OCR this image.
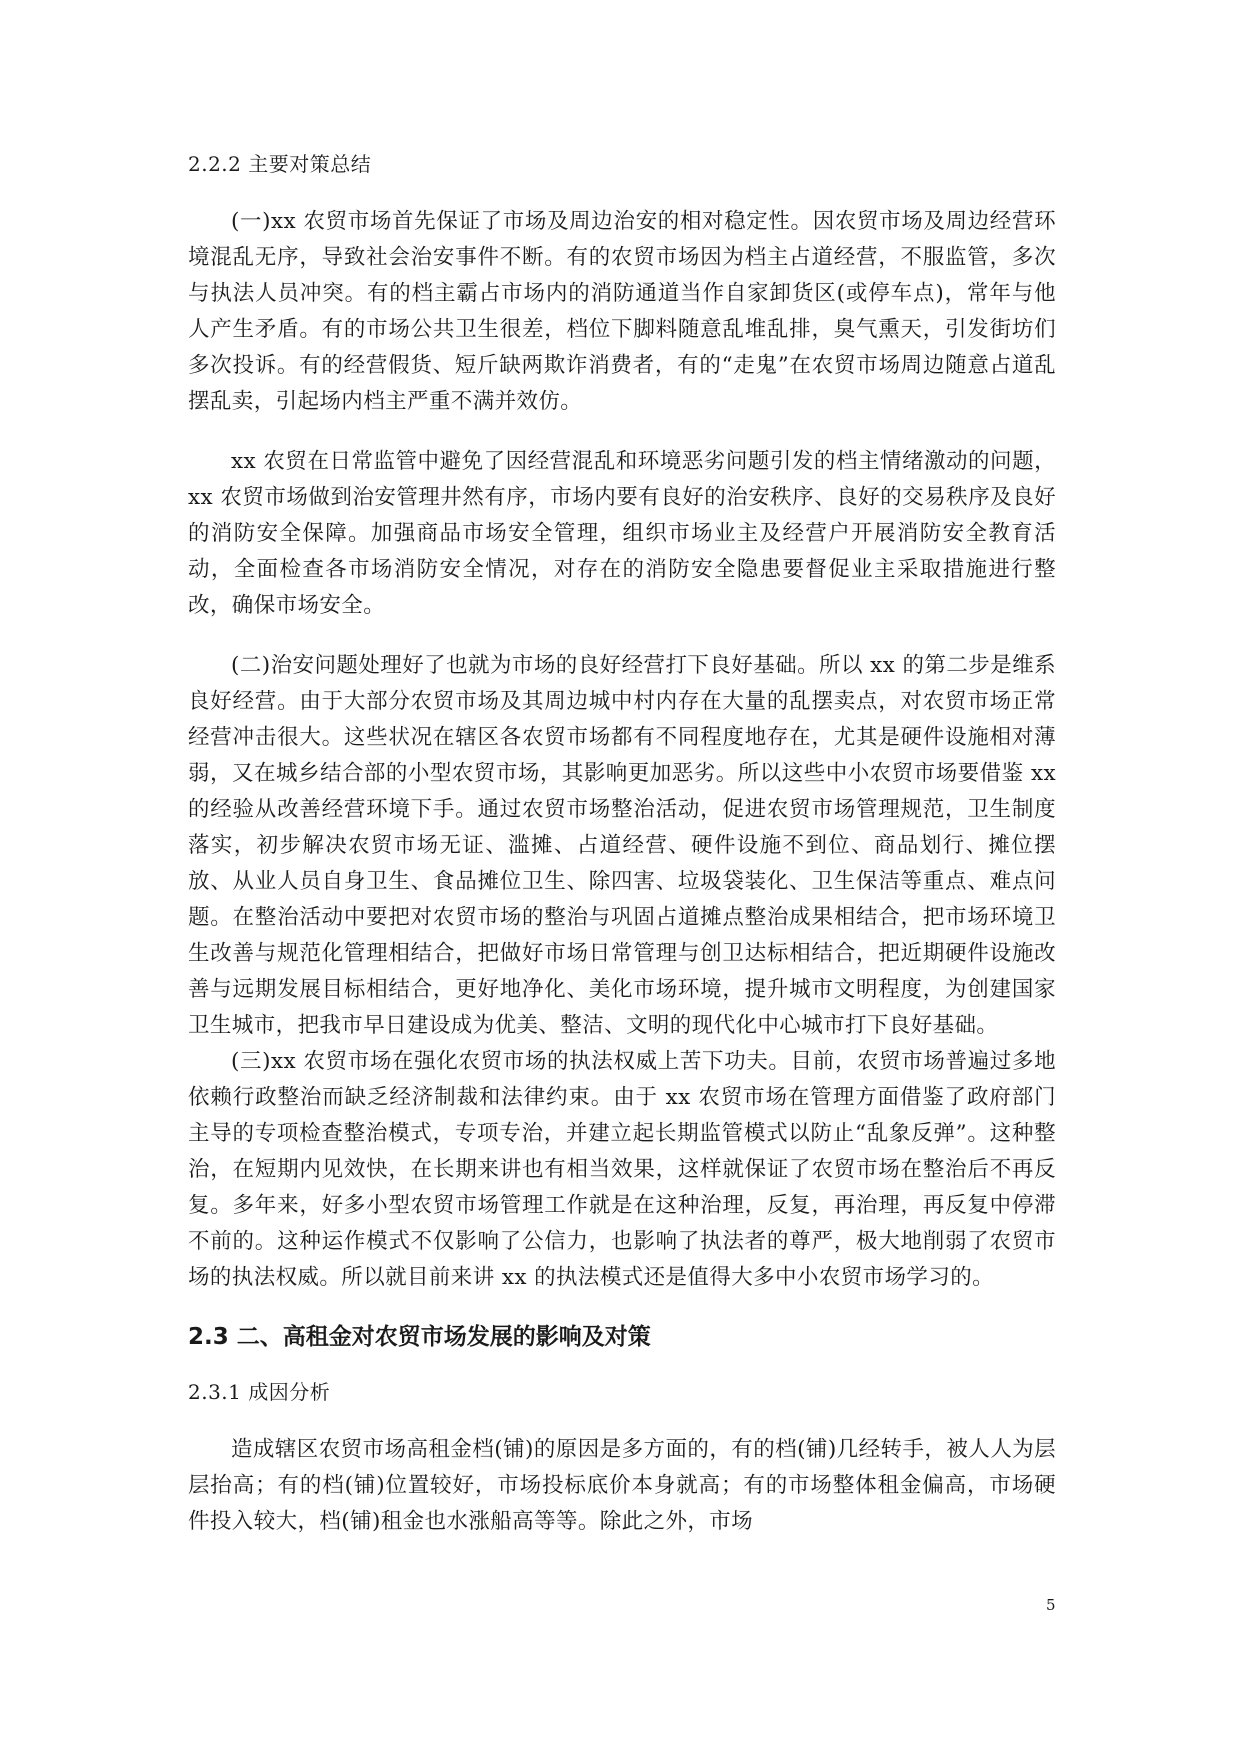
2.2.2 主要对策总结

(一)xx 农贸市场首先保证了市场及周边治安的相对稳定性。因农贸市场及周边经营环境混乱无序，导致社会治安事件不断。有的农贸市场因为档主占道经营，不服监管，多次与执法人员冲突。有的档主霸占市场内的消防通道当作自家卸货区(或停车点)，常年与他人产生矛盾。有的市场公共卫生很差，档位下脚料随意乱堆乱排，臭气熏天，引发街坊们多次投诉。有的经营假货、短斤缺两欺诈消费者，有的“走鬼”在农贸市场周边随意占道乱摆乱卖，引起场内档主严重不满并效仿。

xx 农贸在日常监管中避免了因经营混乱和环境恶劣问题引发的档主情绪激动的问题，xx 农贸市场做到治安管理井然有序，市场内要有良好的治安秩序、良好的交易秩序及良好的消防安全保障。加强商品市场安全管理，组织市场业主及经营户开展消防安全教育活动，全面检查各市场消防安全情况，对存在的消防安全隐患要督促业主采取措施进行整改，确保市场安全。

(二)治安问题处理好了也就为市场的良好经营打下良好基础。所以 xx 的第二步是维系良好经营。由于大部分农贸市场及其周边城中村内存在大量的乱摆卖点，对农贸市场正常经营冲击很大。这些状况在辖区各农贸市场都有不同程度地存在，尤其是硬件设施相对薄弱，又在城乡结合部的小型农贸市场，其影响更加恶劣。所以这些中小农贸市场要借鉴 xx 的经验从改善经营环境下手。通过农贸市场整治活动，促进农贸市场管理规范，卫生制度落实，初步解决农贸市场无证、滥摊、占道经营、硬件设施不到位、商品划行、摊位摆放、从业人员自身卫生、食品摊位卫生、除四害、垃圾袋装化、卫生保洁等重点、难点问题。在整治活动中要把对农贸市场的整治与巩固占道摊点整治成果相结合，把市场环境卫生改善与规范化管理相结合，把做好市场日常管理与创卫达标相结合，把近期硬件设施改善与远期发展目标相结合，更好地净化、美化市场环境，提升城市文明程度，为创建国家卫生城市，把我市早日建设成为优美、整洁、文明的现代化中心城市打下良好基础。

(三)xx 农贸市场在强化农贸市场的执法权威上苦下功夫。目前，农贸市场普遍过多地依赖行政整治而缺乏经济制裁和法律约束。由于 xx 农贸市场在管理方面借鉴了政府部门主导的专项检查整治模式，专项专治，并建立起长期监管模式以防止“乱象反弹”。这种整治，在短期内见效快，在长期来讲也有相当效果，这样就保证了农贸市场在整治后不再反复。多年来，好多小型农贸市场管理工作就是在这种治理，反复，再治理，再反复中停滞不前的。这种运作模式不仅影响了公信力，也影响了执法者的尊严，极大地削弱了农贸市场的执法权威。所以就目前来讲 xx 的执法模式还是值得大多中小农贸市场学习的。

2.3 二、高租金对农贸市场发展的影响及对策
2.3.1 成因分析

造成辖区农贸市场高租金档(铺)的原因是多方面的，有的档(铺)几经转手，被人人为层层抬高；有的档(铺)位置较好，市场投标底价本身就高；有的市场整体租金偏高，市场硬件投入较大，档(铺)租金也水涨船高等等。除此之外，市场

5
